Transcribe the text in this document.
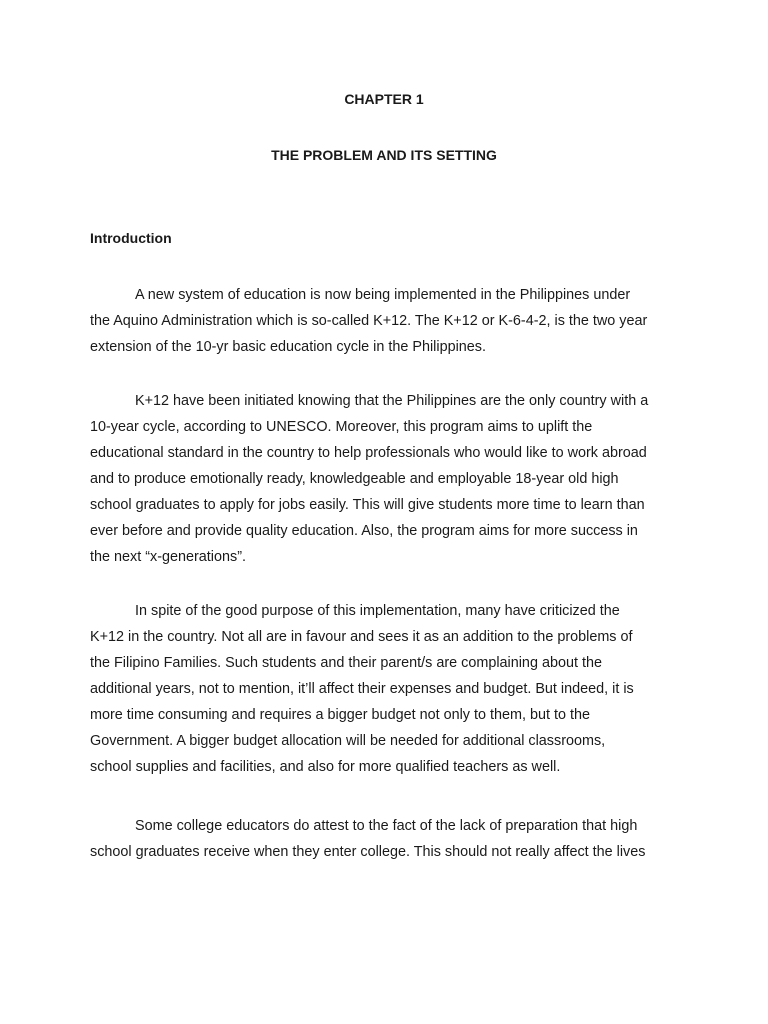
CHAPTER 1
THE PROBLEM AND ITS SETTING
Introduction

A new system of education is now being implemented in the Philippines under

the Aquino Administration which is so-called K+12. The K+12 or K-6-4-2, is the two year

extension of the 10-yr basic education cycle in the Philippines.

K+12 have been initiated knowing that the Philippines are the only country with a

10-year cycle, according to UNESCO. Moreover, this program aims to uplift the

educational standard in the country to help professionals who would like to work abroad

and to produce emotionally ready, knowledgeable and employable 18-year old high

school graduates to apply for jobs easily. This will give students more time to learn than

ever before and provide quality education. Also, the program aims for more success in

the next “x-generations”.

In spite of the good purpose of this implementation, many have criticized the

K+12 in the country. Not all are in favour and sees it as an addition to the problems of

the Filipino Families. Such students and their parent/s are complaining about the

additional years, not to mention, it’ll affect their expenses and budget. But indeed, it is

more time consuming and requires a bigger budget not only to them, but to the

Government. A bigger budget allocation will be needed for additional classrooms,

school supplies and facilities, and also for more qualified teachers as well.

Some college educators do attest to the fact of the lack of preparation that high

school graduates receive when they enter college. This should not really affect the lives
